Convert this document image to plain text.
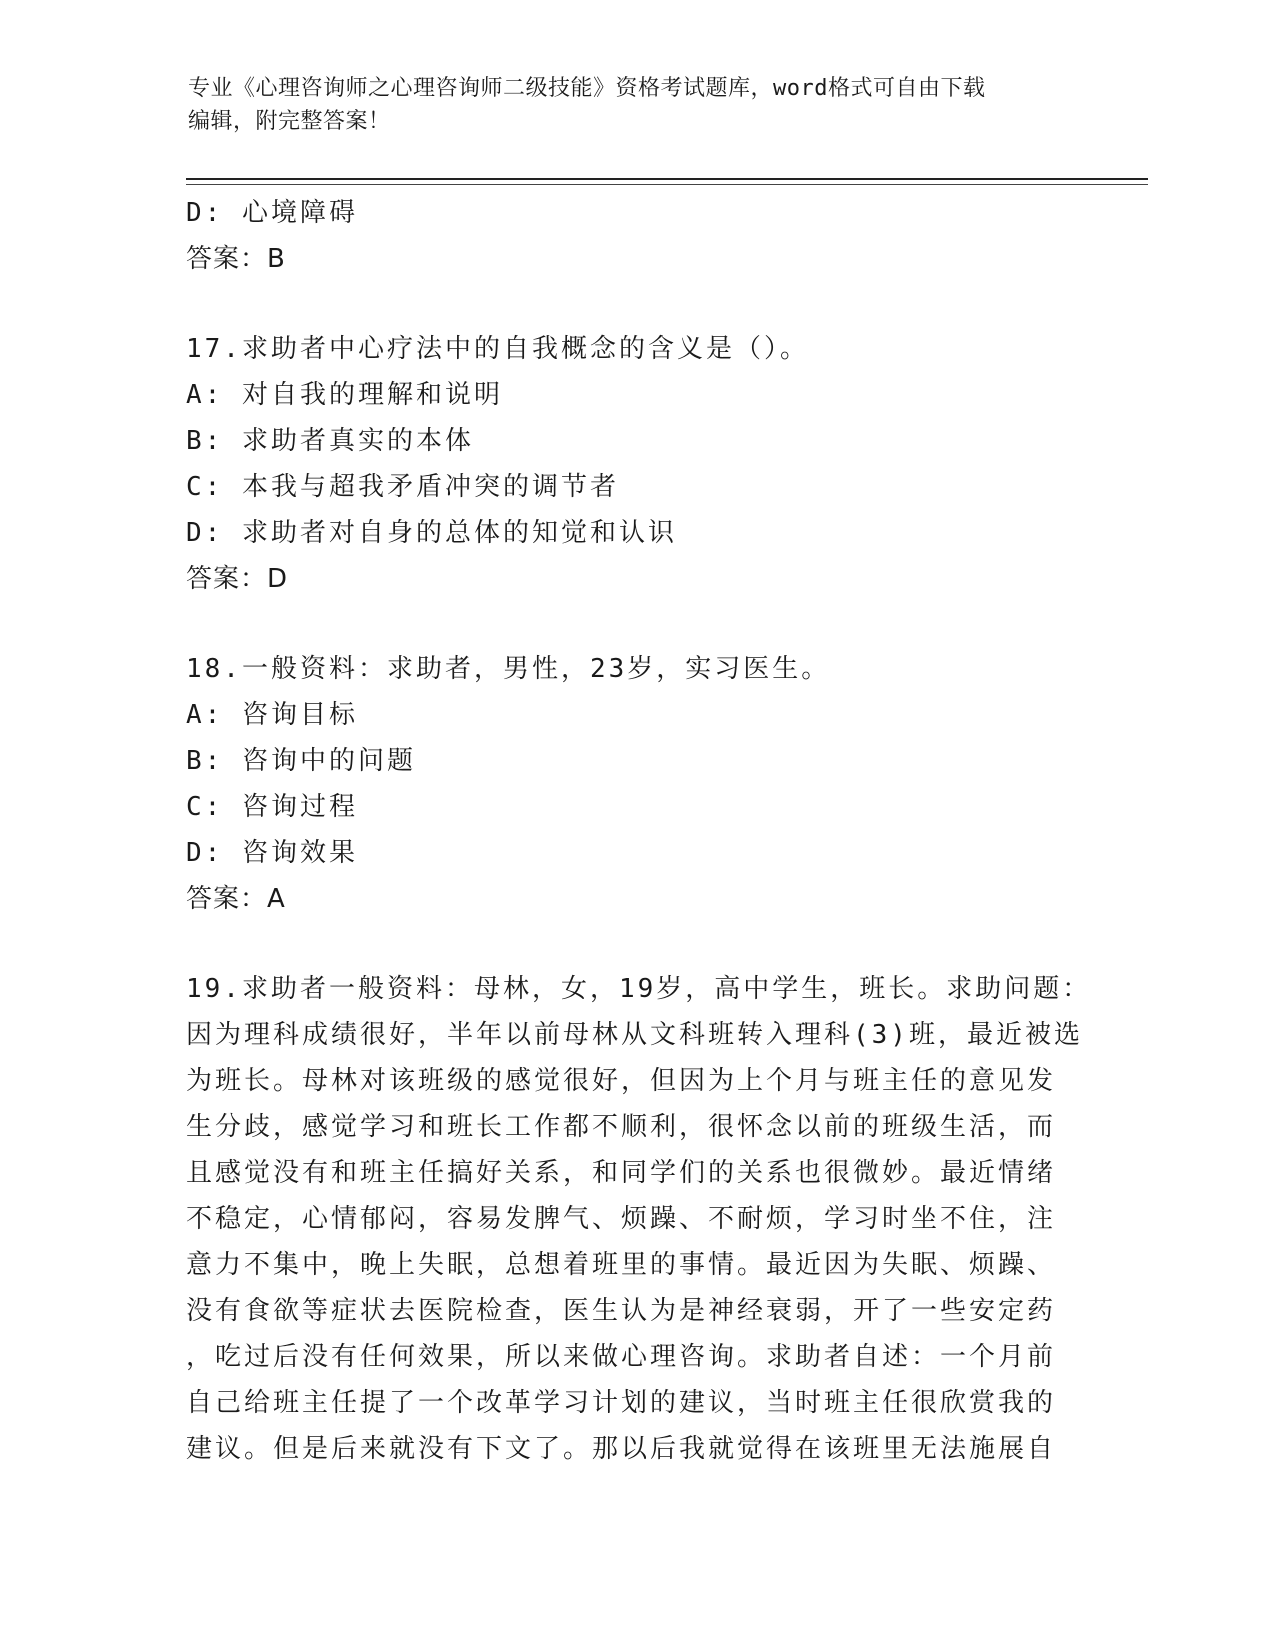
专业《心理咨询师之心理咨询师二级技能》资格考试题库，word格式可自由下载
编辑，附完整答案！
D: 心境障碍
答案：B
17.求助者中心疗法中的自我概念的含义是（）。
A: 对自我的理解和说明
B: 求助者真实的本体
C: 本我与超我矛盾冲突的调节者
D: 求助者对自身的总体的知觉和认识
答案：D
18.一般资料：求助者，男性，23岁，实习医生。
A: 咨询目标
B: 咨询中的问题
C: 咨询过程
D: 咨询效果
答案：A
19.求助者一般资料：母林，女，19岁，高中学生，班长。求助问题：
因为理科成绩很好，半年以前母林从文科班转入理科(3)班，最近被选
为班长。母林对该班级的感觉很好，但因为上个月与班主任的意见发
生分歧，感觉学习和班长工作都不顺利，很怀念以前的班级生活，而
且感觉没有和班主任搞好关系，和同学们的关系也很微妙。最近情绪
不稳定，心情郁闷，容易发脾气、烦躁、不耐烦，学习时坐不住，注
意力不集中，晚上失眠，总想着班里的事情。最近因为失眠、烦躁、
没有食欲等症状去医院检查，医生认为是神经衰弱，开了一些安定药
，吃过后没有任何效果，所以来做心理咨询。求助者自述：一个月前
自己给班主任提了一个改革学习计划的建议，当时班主任很欣赏我的
建议。但是后来就没有下文了。那以后我就觉得在该班里无法施展自
